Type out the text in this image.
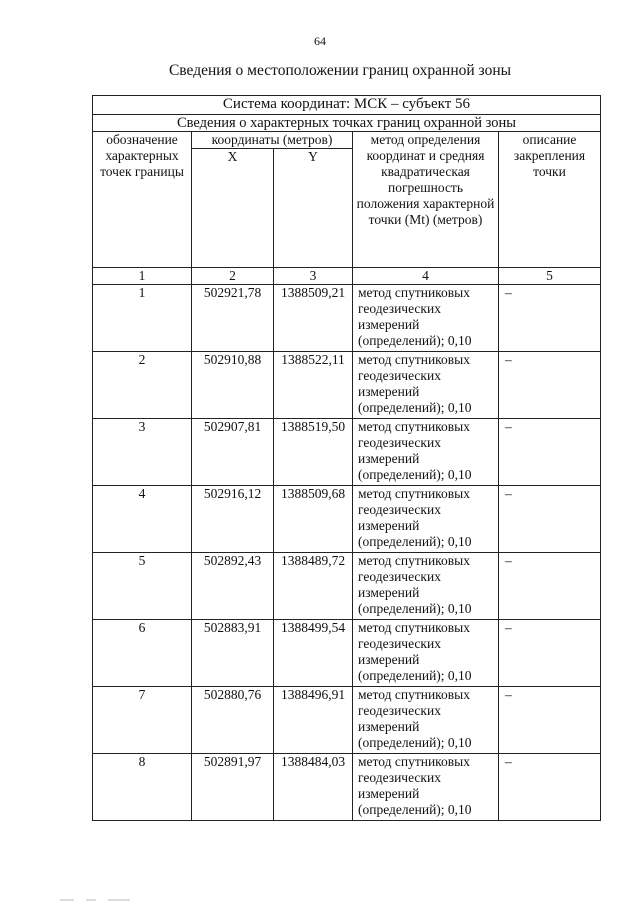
64
Сведения о местоположении границ охранной зоны
Система координат: МСК – субъект 56				
Сведения о характерных точках границ охранной зоны				
обозначение характерных точек границы	координаты (метров)		метод определения координат и средняя квадратическая погрешность положения характерной точки (Mt) (метров)	описание закрепления точки
	X	Y		
1	2	3	4	5
1	502921,78	1388509,21	метод спутниковых геодезических измерений (определений); 0,10	–
2	502910,88	1388522,11	метод спутниковых геодезических измерений (определений); 0,10	–
3	502907,81	1388519,50	метод спутниковых геодезических измерений (определений); 0,10	–
4	502916,12	1388509,68	метод спутниковых геодезических измерений (определений); 0,10	–
5	502892,43	1388489,72	метод спутниковых геодезических измерений (определений); 0,10	–
6	502883,91	1388499,54	метод спутниковых геодезических измерений (определений); 0,10	–
7	502880,76	1388496,91	метод спутниковых геодезических измерений (определений); 0,10	–
8	502891,97	1388484,03	метод спутниковых геодезических измерений (определений); 0,10	–
